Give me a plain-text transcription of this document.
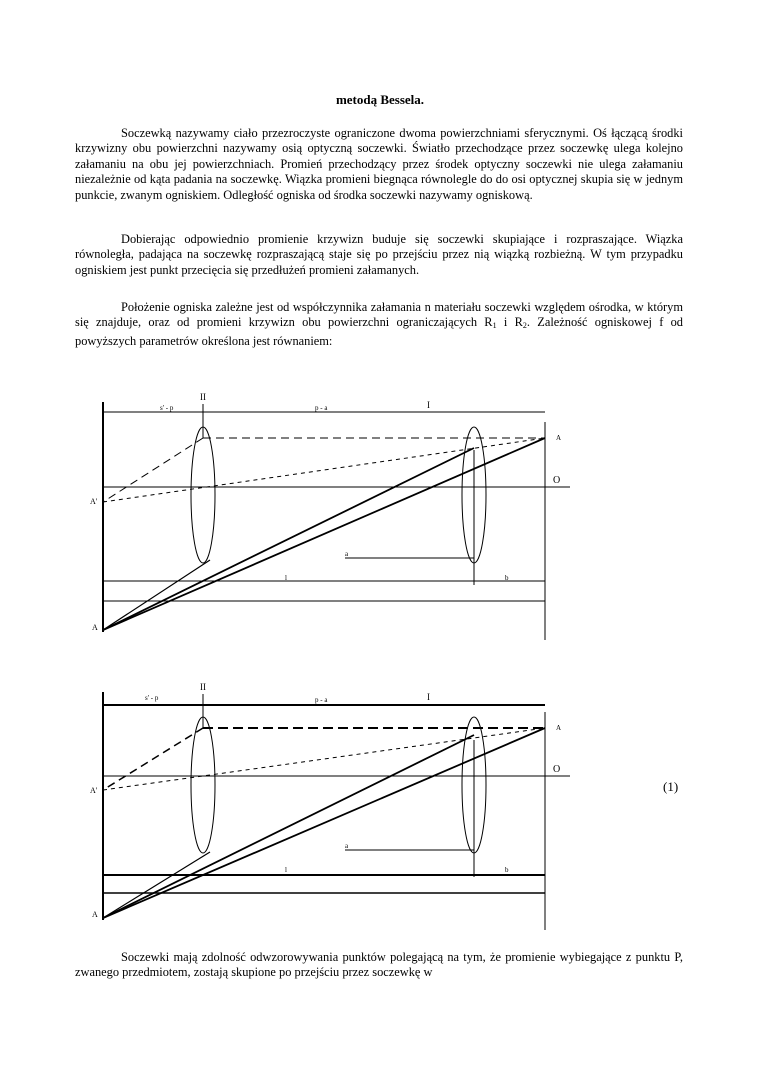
metodą Bessela.

Soczewką nazywamy ciało przezroczyste ograniczone dwoma powierzchniami sferycznymi. Oś łączącą środki krzywizny obu powierzchni nazywamy osią optyczną soczewki. Światło przechodzące przez soczewkę ulega kolejno załamaniu na obu jej powierzchniach. Promień przechodzący przez środek optyczny soczewki nie ulega załamaniu niezależnie od kąta padania na soczewkę. Wiązka promieni biegnąca równolegle do do osi optycznej skupia się w jednym punkcie, zwanym ogniskiem. Odległość ogniska od środka soczewki nazywamy ogniskową.

Dobierając odpowiednio promienie krzywizn buduje się soczewki skupiające i rozpraszające. Wiązka równoległa, padająca na soczewkę rozpraszającą staje się po przejściu przez nią wiązką rozbieżną. W tym przypadku ogniskiem jest punkt przecięcia się przedłużeń promieni załamanych.

Położenie ogniska zależne jest od współczynnika załamania n materiału soczewki względem ośrodka, w którym się znajduje, oraz od promieni krzywizn obu powierzchni ograniczających $R_1$ i $R_2$. Zależność ogniskowej f od powyższych parametrów określona jest równaniem:

II
I
s' - p	p - a
A'
A
A
O
a
l	b
II
I
s' - p	p - a
A'
A
A
O
a
l	b
(1)

Soczewki mają zdolność odwzorowywania punktów polegającą na tym, że promienie wybiegające z punktu P, zwanego przedmiotem, zostają skupione po przejściu przez soczewkę w
